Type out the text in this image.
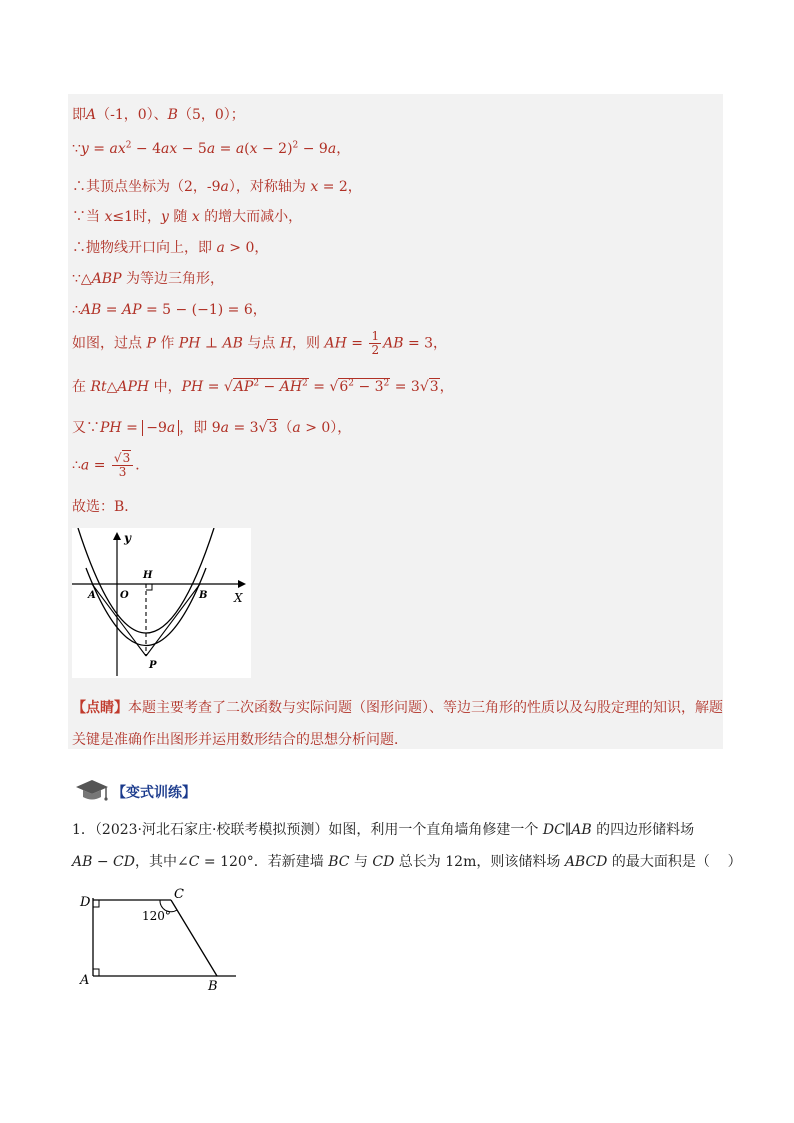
即A（-1，0）、B（5，0）；
∵y = $ax^2 - 4ax - 5a = a(x - 2)^2 - 9a$，
∴其顶点坐标为（2，-9a），对称轴为 x = 2，
∵当 x≤1时，y 随 x 的增大而减小，
∴抛物线开口向上，即 a > 0，
∵△ABP 为等边三角形，
∴AB = AP = 5 − (−1) = 6，
如图，过点 P 作 PH ⊥ AB 与点 H，则 AH = $\frac{1}{2}$ AB = 3，
在 Rt△APH 中，PH = $√AP^2 - AH^2 = √6^2 - 3^2 = 3√3$，
又∵PH = −9a ，即 9a = 3√3（a > 0），
∴a = $\frac{√3}{3}$ ．
故选：B．
y
X
A O
H
B
P
【点睛】本题主要考查了二次函数与实际问题（图形问题）、等边三角形的性质以及勾股定理的知识，解题关键是准确作出图形并运用数形结合的思想分析问题．
【变式训练】
1．（2023·河北石家庄·校联考模拟预测）如图，利用一个直角墙角修建一个 DC∥AB 的四边形储料场
AB − CD，其中∠C = 120°．若新建墙 BC 与 CD 总长为 12m，则该储料场 ABCD 的最大面积是（    ）
D
C
A	B
120°
